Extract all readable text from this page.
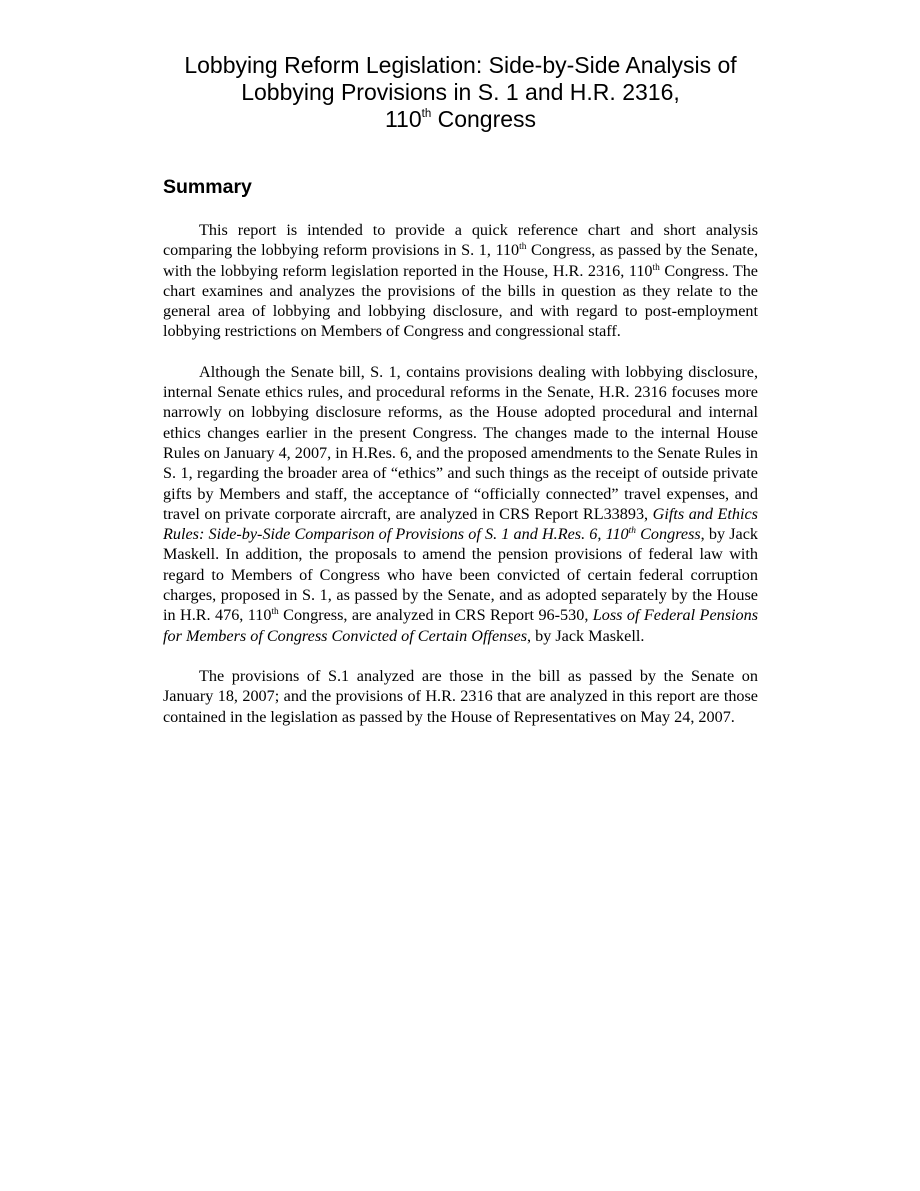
Lobbying Reform Legislation: Side-by-Side Analysis of
Lobbying Provisions in S. 1 and H.R. 2316,
110th Congress
Summary

This report is intended to provide a quick reference chart and short analysis comparing the lobbying reform provisions in S. 1, 110th Congress, as passed by the Senate, with the lobbying reform legislation reported in the House, H.R. 2316, 110th Congress. The chart examines and analyzes the provisions of the bills in question as they relate to the general area of lobbying and lobbying disclosure, and with regard to post-employment lobbying restrictions on Members of Congress and congressional staff.

Although the Senate bill, S. 1, contains provisions dealing with lobbying disclosure, internal Senate ethics rules, and procedural reforms in the Senate, H.R. 2316 focuses more narrowly on lobbying disclosure reforms, as the House adopted procedural and internal ethics changes earlier in the present Congress. The changes made to the internal House Rules on January 4, 2007, in H.Res. 6, and the proposed amendments to the Senate Rules in S. 1, regarding the broader area of “ethics” and such things as the receipt of outside private gifts by Members and staff, the acceptance of “officially connected” travel expenses, and travel on private corporate aircraft, are analyzed in CRS Report RL33893, Gifts and Ethics Rules: Side-by-Side Comparison of Provisions of S. 1 and H.Res. 6, 110th Congress, by Jack Maskell. In addition, the proposals to amend the pension provisions of federal law with regard to Members of Congress who have been convicted of certain federal corruption charges, proposed in S. 1, as passed by the Senate, and as adopted separately by the House in H.R. 476, 110th Congress, are analyzed in CRS Report 96-530, Loss of Federal Pensions for Members of Congress Convicted of Certain Offenses, by Jack Maskell.

The provisions of S.1 analyzed are those in the bill as passed by the Senate on January 18, 2007; and the provisions of H.R. 2316 that are analyzed in this report are those contained in the legislation as passed by the House of Representatives on May 24, 2007.
